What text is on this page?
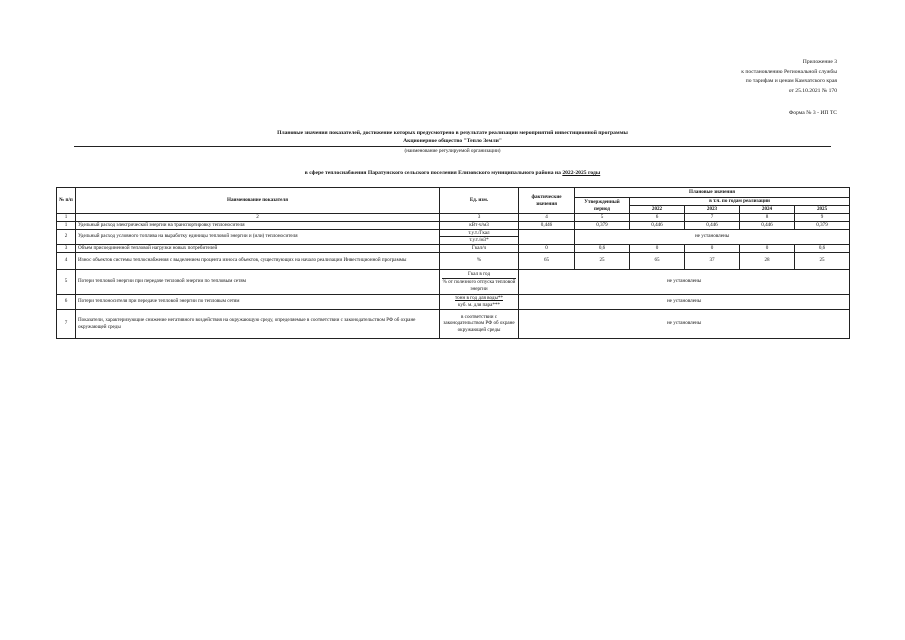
Приложение 3
к постановлению Региональной службы
по тарифам и ценам Камчатского края
от 25.10.2021 № 170
Форма № 3 - ИП ТС
Плановые значения показателей, достижение которых предусмотрено в результате реализации мероприятий инвестиционной программы
Акционерное общество "Тепло Земли"
(наименование регулируемой организации)
в сфере теплоснабжения Паратунского сельского поселения Елизовского муниципального района на 2022-2025 годы
№ п/п	Наименование показателя	Ед. изм.	фактические значения	Плановые значения				
				Утвержденный период	в т.ч. по годам реализации			
					2022	2023	2024	2025
1	2	3	4	5	6	7	8	9
1	Удельный расход электрической энергии на транспортировку теплоносителя	кВт·ч/м3	0,446	0,379	0,446	0,446	0,446	0,379
2	Удельный расход условного топлива на выработку единицы тепловой энергии и (или) теплоносителя	т.у.т./Гкал		не установлены				
		т.у.т./м3*						
3	Объем присоединенной тепловой нагрузки новых потребителей	Гкал/ч	0	0,6	0	0	0	0,6
4	Износ объектов системы теплоснабжения с выделением процента износа объектов, существующих на начало реализации Инвестиционной программы	%	65	25	65	37	28	25
5	Потери тепловой энергии при передаче тепловой энергии по тепловым сетям	Гкал в год
% от полезного отпуска тепловой энергии	не установлены					
6	Потери теплоносителя при передаче тепловой энергии по тепловым сетям	тонн в год для воды**
куб. м. для пара***	не установлены					
7	Показатели, характеризующие снижение негативного воздействия на окружающую среду, определяемые в соответствии с законодательством РФ об охране окружающей среды	в соответствии с законодательством РФ об охране окружающей среды	не установлены					
